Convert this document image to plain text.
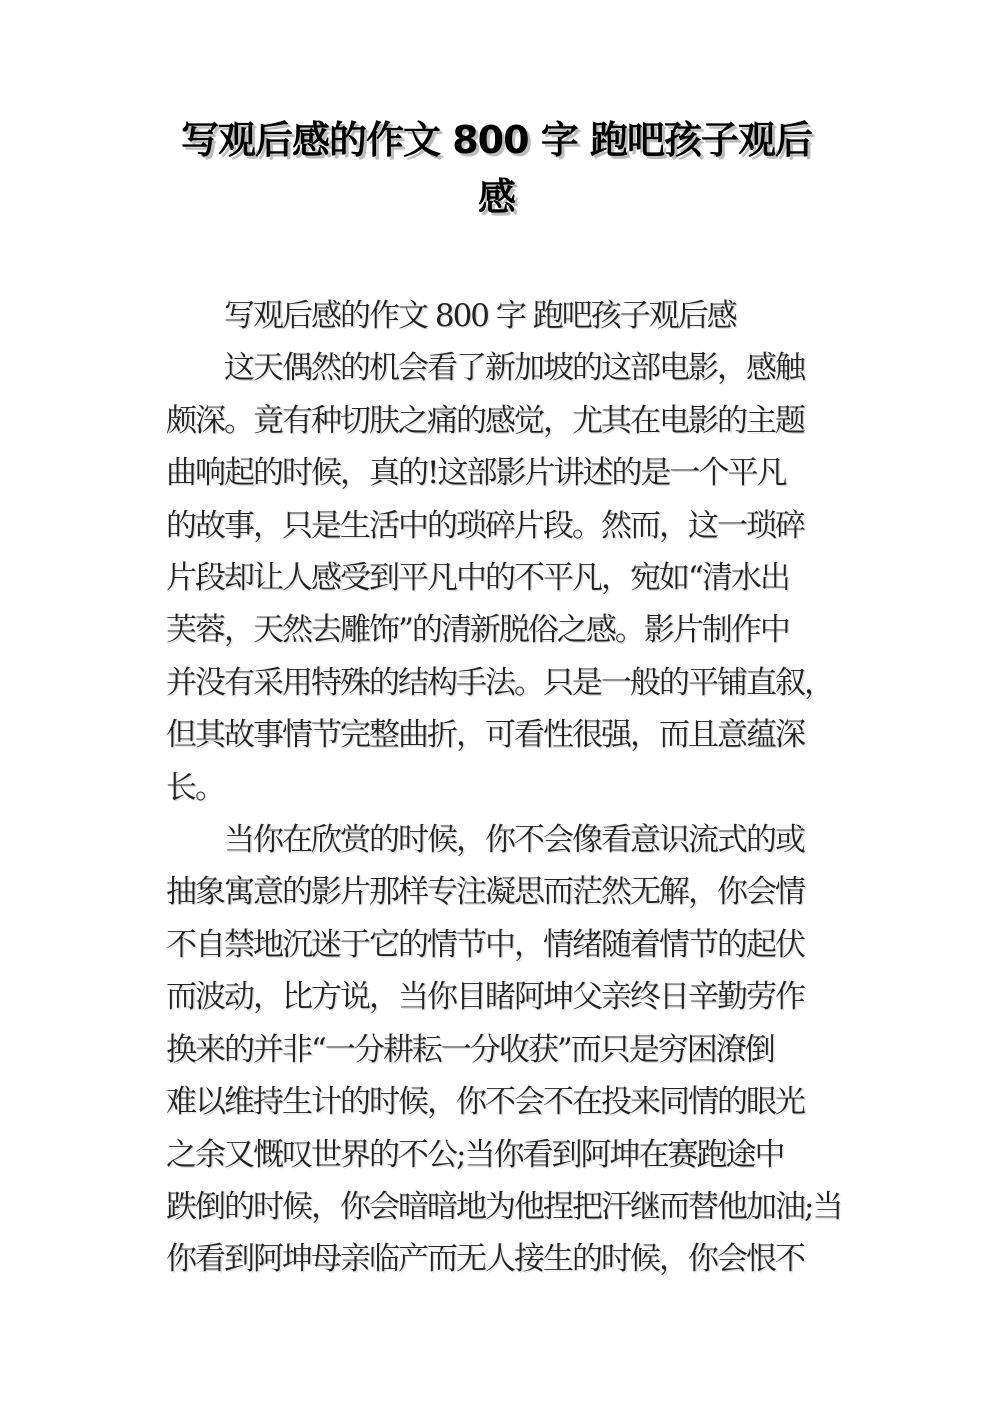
写观后感的作文 800 字 跑吧孩子观后
感
　　写观后感的作文 800 字 跑吧孩子观后感
　　这天偶然的机会看了新加坡的这部电影，感触
颇深。竟有种切肤之痛的感觉，尤其在电影的主题
曲响起的时候，真的!这部影片讲述的是一个平凡
的故事，只是生活中的琐碎片段。然而，这一琐碎
片段却让人感受到平凡中的不平凡，宛如“清水出
芙蓉，天然去雕饰”的清新脱俗之感。影片制作中
并没有采用特殊的结构手法。只是一般的平铺直叙，
但其故事情节完整曲折，可看性很强，而且意蕴深
长。
　　当你在欣赏的时候，你不会像看意识流式的或
抽象寓意的影片那样专注凝思而茫然无解，你会情
不自禁地沉迷于它的情节中，情绪随着情节的起伏
而波动，比方说，当你目睹阿坤父亲终日辛勤劳作
换来的并非“一分耕耘一分收获”而只是穷困潦倒
难以维持生计的时候，你不会不在投来同情的眼光
之余又慨叹世界的不公;当你看到阿坤在赛跑途中
跌倒的时候，你会暗暗地为他捏把汗继而替他加油;当
你看到阿坤母亲临产而无人接生的时候，你会恨不
